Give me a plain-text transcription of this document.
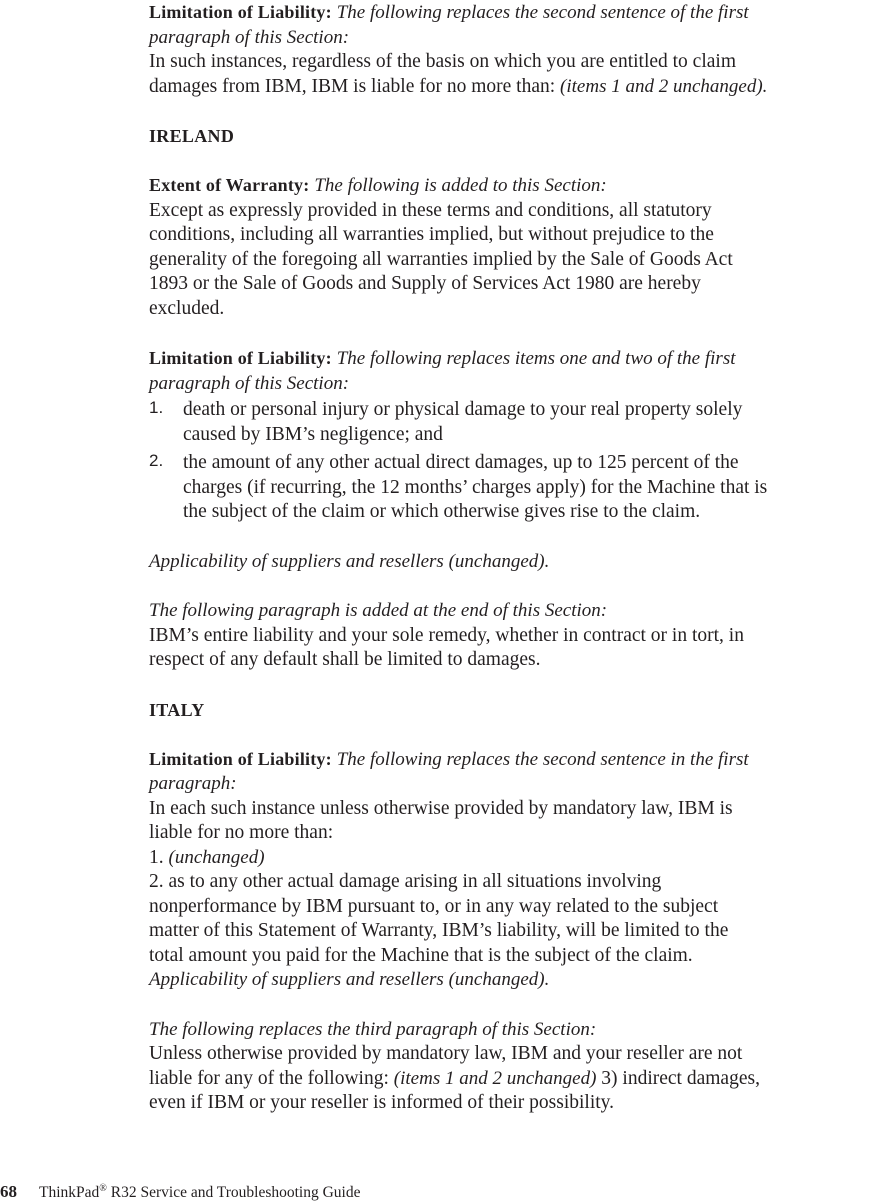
Limitation of Liability: The following replaces the second sentence of the first

paragraph of this Section:

In such instances, regardless of the basis on which you are entitled to claim

damages from IBM, IBM is liable for no more than: (items 1 and 2 unchanged).

IRELAND

Extent of Warranty: The following is added to this Section:

Except as expressly provided in these terms and conditions, all statutory

conditions, including all warranties implied, but without prejudice to the

generality of the foregoing all warranties implied by the Sale of Goods Act

1893 or the Sale of Goods and Supply of Services Act 1980 are hereby

excluded.

Limitation of Liability: The following replaces items one and two of the first

paragraph of this Section:

1. death or personal injury or physical damage to your real property solely

caused by IBM’s negligence; and

2. the amount of any other actual direct damages, up to 125 percent of the

charges (if recurring, the 12 months’ charges apply) for the Machine that is

the subject of the claim or which otherwise gives rise to the claim.

Applicability of suppliers and resellers (unchanged).

The following paragraph is added at the end of this Section:

IBM’s entire liability and your sole remedy, whether in contract or in tort, in

respect of any default shall be limited to damages.

ITALY

Limitation of Liability: The following replaces the second sentence in the first

paragraph:

In each such instance unless otherwise provided by mandatory law, IBM is

liable for no more than:

1. (unchanged)

2. as to any other actual damage arising in all situations involving

nonperformance by IBM pursuant to, or in any way related to the subject

matter of this Statement of Warranty, IBM’s liability, will be limited to the

total amount you paid for the Machine that is the subject of the claim.

Applicability of suppliers and resellers (unchanged).

The following replaces the third paragraph of this Section:

Unless otherwise provided by mandatory law, IBM and your reseller are not

liable for any of the following: (items 1 and 2 unchanged) 3) indirect damages,

even if IBM or your reseller is informed of their possibility.

68 ThinkPad® R32 Service and Troubleshooting Guide
